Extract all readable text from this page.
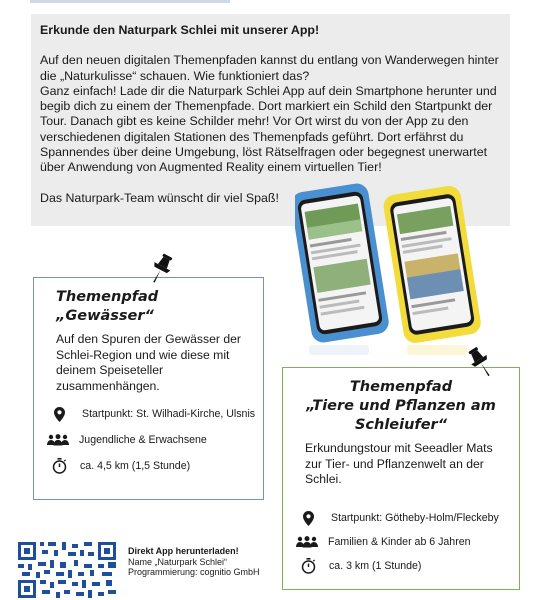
Erkunde den Naturpark Schlei mit unserer App!
Auf den neuen digitalen Themenpfaden kannst du entlang von Wanderwegen hinter die „Naturkulisse“ schauen. Wie funktioniert das?
Ganz einfach! Lade dir die Naturpark Schlei App auf dein Smartphone herunter und begib dich zu einem der Themenpfade. Dort markiert ein Schild den Startpunkt der Tour. Danach gibt es keine Schilder mehr! Vor Ort wirst du von der App zu den verschiedenen digitalen Stationen des Themenpfads geführt. Dort erfährst du Spannendes über deine Umgebung, löst Rätselfragen oder begegnest unerwartet über Anwendung von Augmented Reality einem virtuellen Tier!
Das Naturpark-Team wünscht dir viel Spaß!
Themenpfad
„Gewässer“
Auf den Spuren der Gewässer der Schlei-Region und wie diese mit deinem Speiseteller zusammenhängen.
Startpunkt: St. Wilhadi-Kirche, Ulsnis
Jugendliche & Erwachsene
ca. 4,5 km (1,5 Stunde)
Themenpfad
„Tiere und Pflanzen am
Schleiufer“
Erkundungstour mit Seeadler Mats zur Tier- und Pflanzenwelt an der Schlei.
Startpunkt: Götheby-Holm/Fleckeby
Familien & Kinder ab 6 Jahren
ca. 3 km (1 Stunde)
Direkt App herunterladen!
Name „Naturpark Schlei“
Programmierung: cognitio GmbH
